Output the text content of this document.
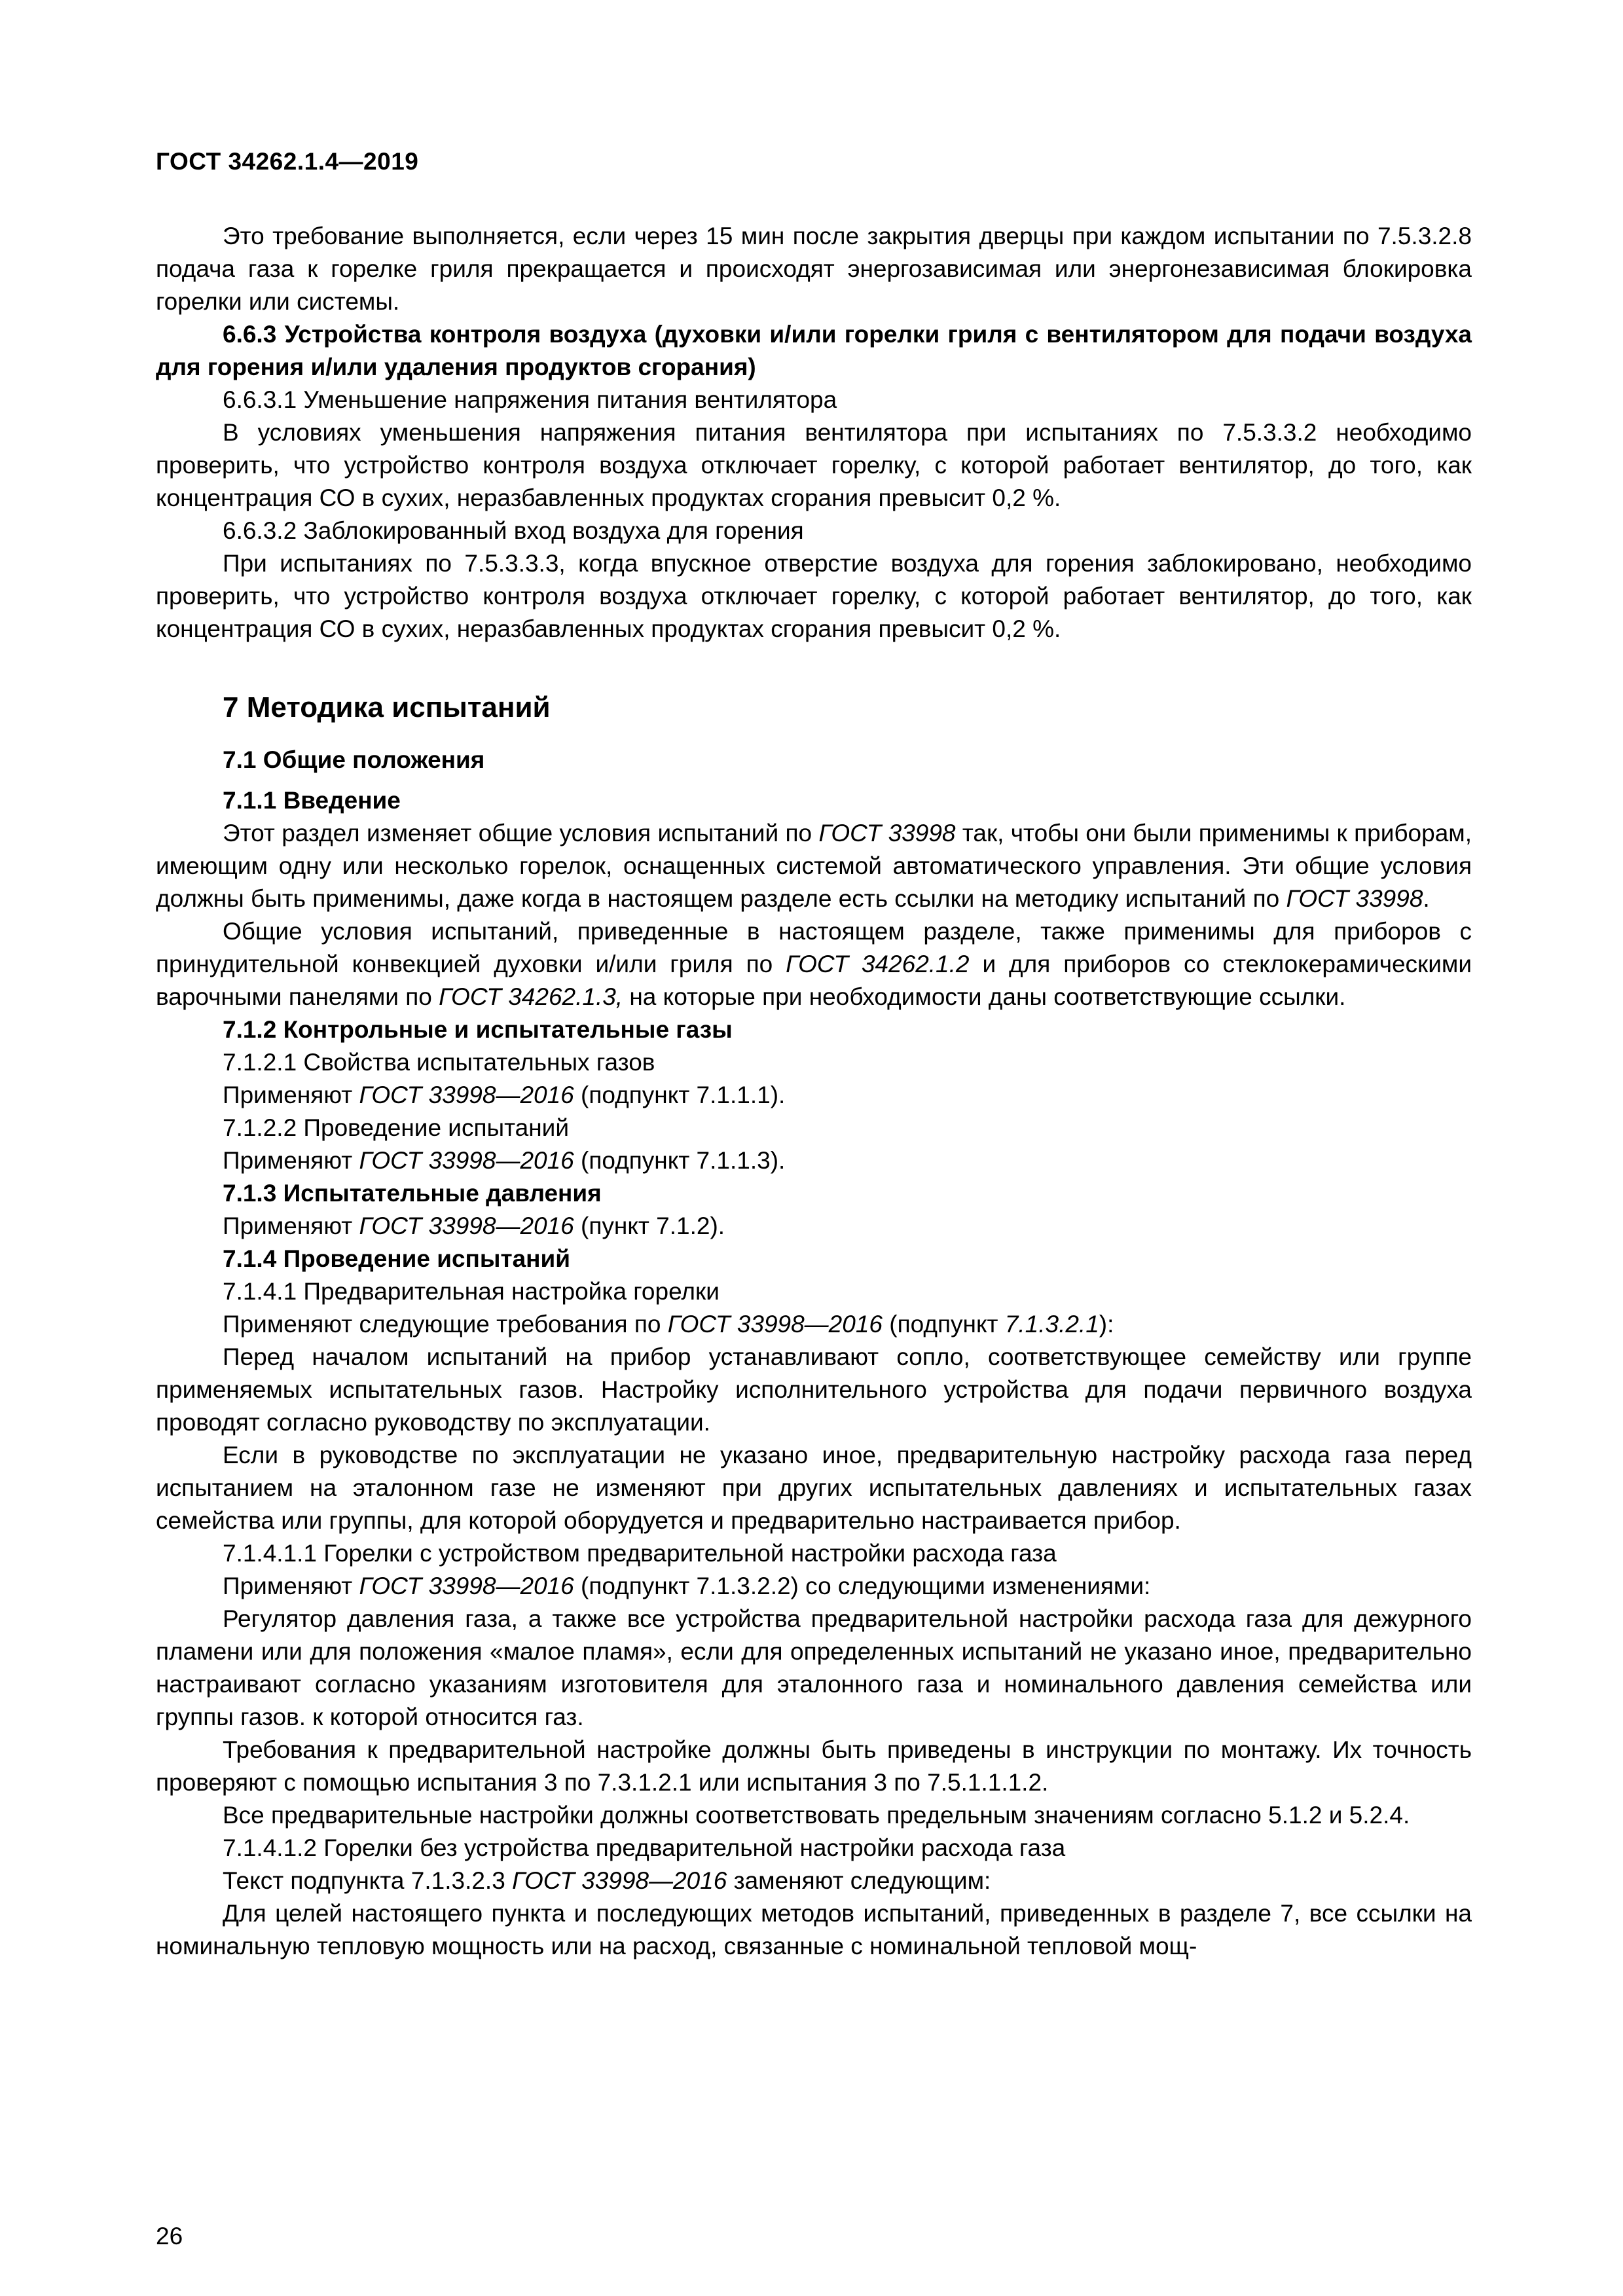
ГОСТ 34262.1.4—2019

Это требование выполняется, если через 15 мин после закрытия дверцы при каждом испытании по 7.5.3.2.8 подача газа к горелке гриля прекращается и происходят энергозависимая или энергонезависимая блокировка горелки или системы.

6.6.3 Устройства контроля воздуха (духовки и/или горелки гриля с вентилятором для подачи воздуха для горения и/или удаления продуктов сгорания)

6.6.3.1 Уменьшение напряжения питания вентилятора

В условиях уменьшения напряжения питания вентилятора при испытаниях по 7.5.3.3.2 необходимо проверить, что устройство контроля воздуха отключает горелку, с которой работает вентилятор, до того, как концентрация СО в сухих, неразбавленных продуктах сгорания превысит 0,2 %.

6.6.3.2 Заблокированный вход воздуха для горения

При испытаниях по 7.5.3.3.3, когда впускное отверстие воздуха для горения заблокировано, необходимо проверить, что устройство контроля воздуха отключает горелку, с которой работает вентилятор, до того, как концентрация СО в сухих, неразбавленных продуктах сгорания превысит 0,2 %.

7 Методика испытаний
7.1 Общие положения

7.1.1 Введение

Этот раздел изменяет общие условия испытаний по ГОСТ 33998 так, чтобы они были применимы к приборам, имеющим одну или несколько горелок, оснащенных системой автоматического управления. Эти общие условия должны быть применимы, даже когда в настоящем разделе есть ссылки на методику испытаний по ГОСТ 33998.

Общие условия испытаний, приведенные в настоящем разделе, также применимы для приборов с принудительной конвекцией духовки и/или гриля по ГОСТ 34262.1.2 и для приборов со стеклокерамическими варочными панелями по ГОСТ 34262.1.3, на которые при необходимости даны соответствующие ссылки.

7.1.2 Контрольные и испытательные газы

7.1.2.1 Свойства испытательных газов

Применяют ГОСТ 33998—2016 (подпункт 7.1.1.1).

7.1.2.2 Проведение испытаний

Применяют ГОСТ 33998—2016 (подпункт 7.1.1.3).

7.1.3 Испытательные давления

Применяют ГОСТ 33998—2016 (пункт 7.1.2).

7.1.4 Проведение испытаний

7.1.4.1 Предварительная настройка горелки

Применяют следующие требования по ГОСТ 33998—2016 (подпункт 7.1.3.2.1):

Перед началом испытаний на прибор устанавливают сопло, соответствующее семейству или группе применяемых испытательных газов. Настройку исполнительного устройства для подачи первичного воздуха проводят согласно руководству по эксплуатации.

Если в руководстве по эксплуатации не указано иное, предварительную настройку расхода газа перед испытанием на эталонном газе не изменяют при других испытательных давлениях и испытательных газах семейства или группы, для которой оборудуется и предварительно настраивается прибор.

7.1.4.1.1 Горелки с устройством предварительной настройки расхода газа

Применяют ГОСТ 33998—2016 (подпункт 7.1.3.2.2) со следующими изменениями:

Регулятор давления газа, а также все устройства предварительной настройки расхода газа для дежурного пламени или для положения «малое пламя», если для определенных испытаний не указано иное, предварительно настраивают согласно указаниям изготовителя для эталонного газа и номинального давления семейства или группы газов. к которой относится газ.

Требования к предварительной настройке должны быть приведены в инструкции по монтажу. Их точность проверяют с помощью испытания 3 по 7.3.1.2.1 или испытания 3 по 7.5.1.1.1.2.

Все предварительные настройки должны соответствовать предельным значениям согласно 5.1.2 и 5.2.4.

7.1.4.1.2 Горелки без устройства предварительной настройки расхода газа

Текст подпункта 7.1.3.2.3 ГОСТ 33998—2016 заменяют следующим:

Для целей настоящего пункта и последующих методов испытаний, приведенных в разделе 7, все ссылки на номинальную тепловую мощность или на расход, связанные с номинальной тепловой мощ-

26
